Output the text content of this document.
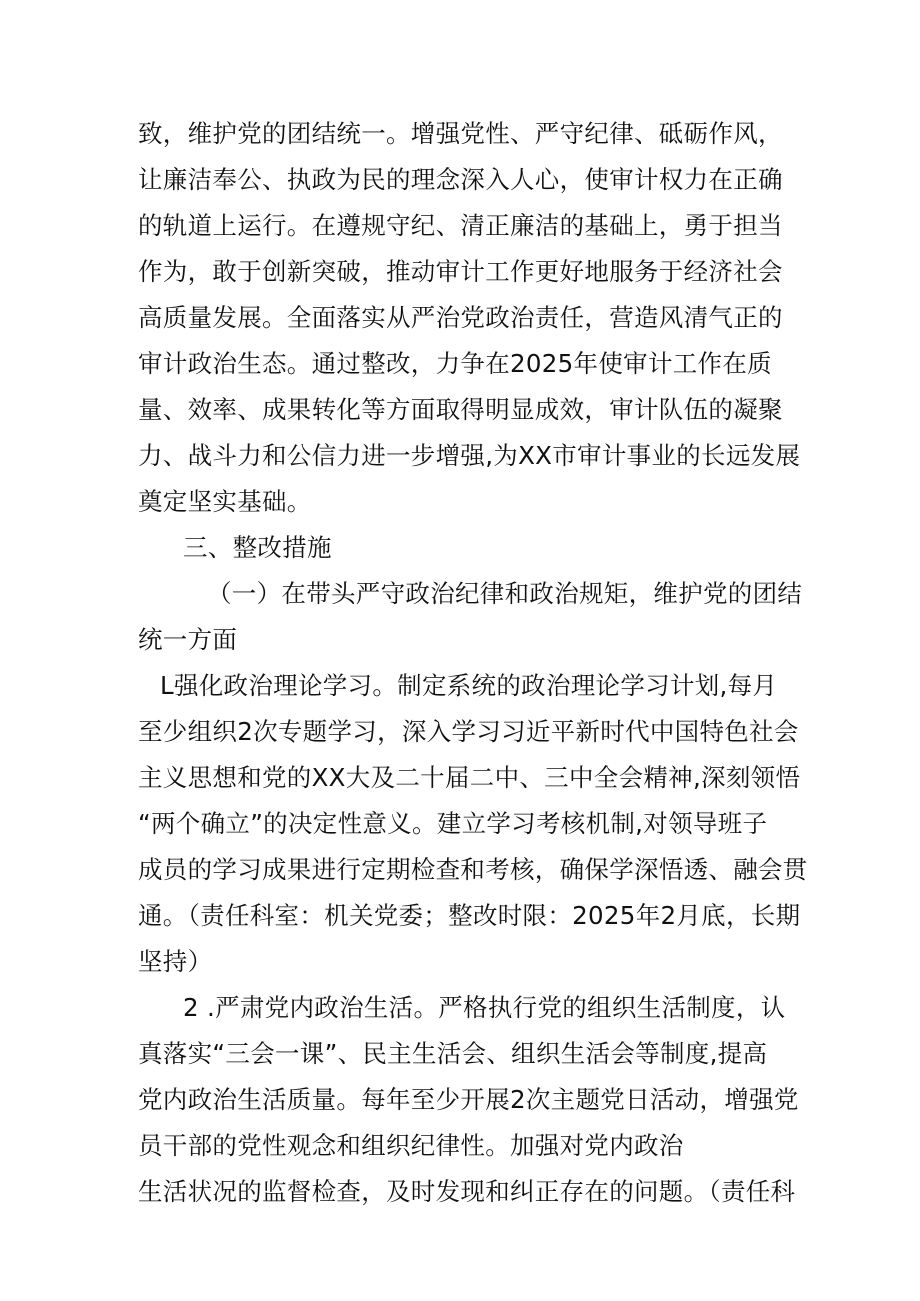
致，维护党的团结统一。增强党性、严守纪律、砥砺作风，
让廉洁奉公、执政为民的理念深入人心，使审计权力在正确
的轨道上运行。在遵规守纪、清正廉洁的基础上，勇于担当
作为，敢于创新突破，推动审计工作更好地服务于经济社会
高质量发展。全面落实从严治党政治责任，营造风清气正的
审计政治生态。通过整改，力争在2025年使审计工作在质
量、效率、成果转化等方面取得明显成效，审计队伍的凝聚
力、战斗力和公信力进一步增强,为XX市审计事业的长远发展
奠定坚实基础。
三、整改措施
（一）在带头严守政治纪律和政治规矩，维护党的团结
统一方面
L强化政治理论学习。制定系统的政治理论学习计划,每月
至少组织2次专题学习，深入学习习近平新时代中国特色社会
主义思想和党的XX大及二十届二中、三中全会精神,深刻领悟
“两个确立”的决定性意义。建立学习考核机制,对领导班子
成员的学习成果进行定期检查和考核，确保学深悟透、融会贯
通。（责任科室：机关党委；整改时限：2025年2月底，长期
坚持）
2 .严肃党内政治生活。严格执行党的组织生活制度，认
真落实“三会一课”、民主生活会、组织生活会等制度,提高
党内政治生活质量。每年至少开展2次主题党日活动，增强党
员干部的党性观念和组织纪律性。加强对党内政治
生活状况的监督检查，及时发现和纠正存在的问题。（责任科
